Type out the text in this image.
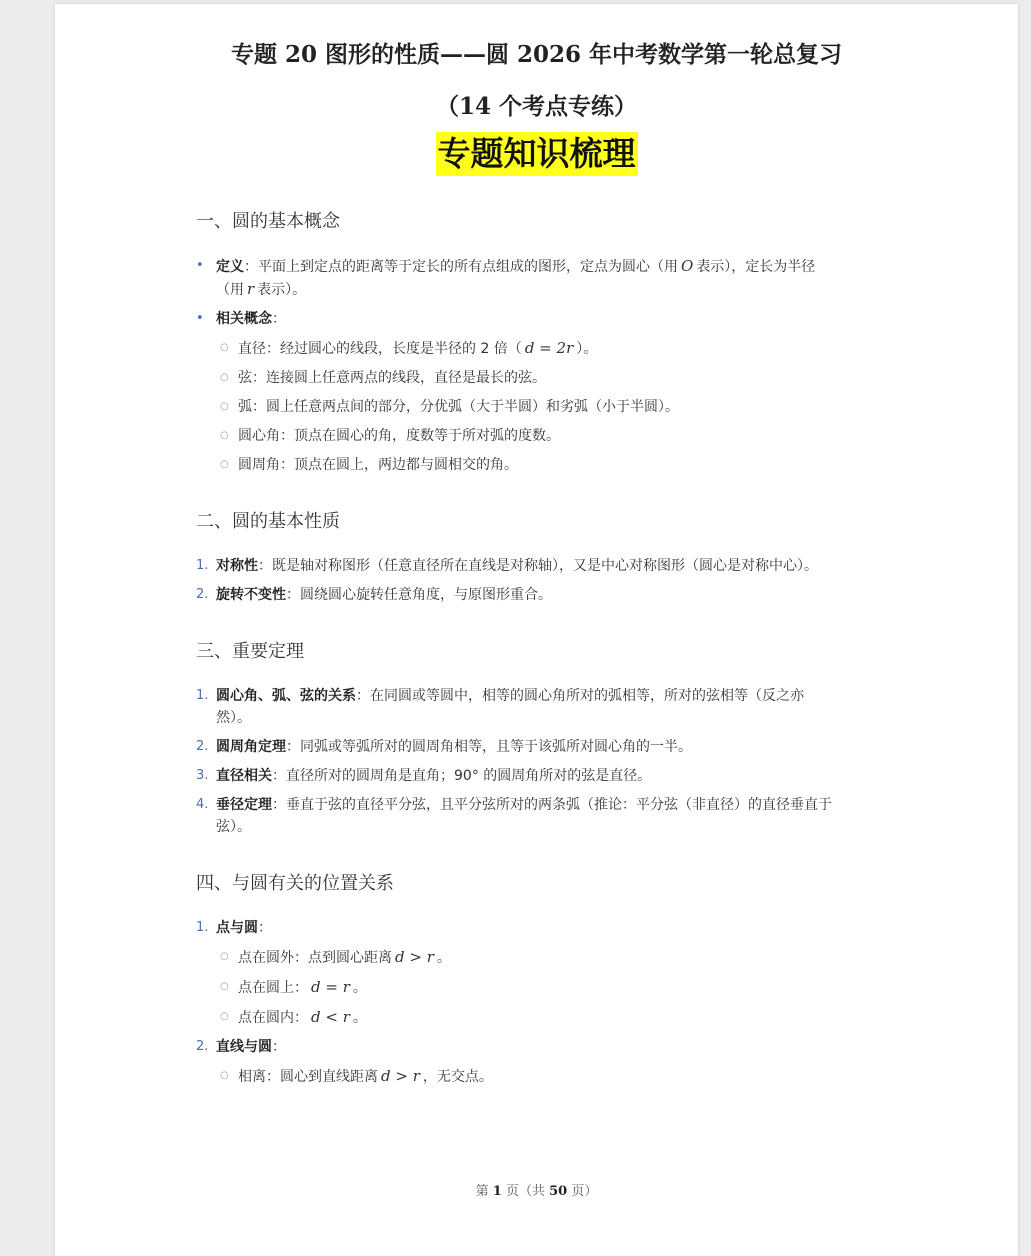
专题 20 图形的性质——圆 2026 年中考数学第一轮总复习
（14 个考点专练）
专题知识梳理
一、圆的基本概念
• 定义：平面上到定点的距离等于定长的所有点组成的图形，定点为圆心（用 O 表示），定长为半径（用 r 表示）。
• 相关概念：
○ 直径：经过圆心的线段，长度是半径的 2 倍（ d = 2r ）。
○ 弦：连接圆上任意两点的线段，直径是最长的弦。
○ 弧：圆上任意两点间的部分，分优弧（大于半圆）和劣弧（小于半圆）。
○ 圆心角：顶点在圆心的角，度数等于所对弧的度数。
○ 圆周角：顶点在圆上，两边都与圆相交的角。
二、圆的基本性质
1. 对称性：既是轴对称图形（任意直径所在直线是对称轴），又是中心对称图形（圆心是对称中心）。
2. 旋转不变性：圆绕圆心旋转任意角度，与原图形重合。
三、重要定理
1. 圆心角、弧、弦的关系：在同圆或等圆中，相等的圆心角所对的弧相等，所对的弦相等（反之亦然）。
2. 圆周角定理：同弧或等弧所对的圆周角相等，且等于该弧所对圆心角的一半。
3. 直径相关：直径所对的圆周角是直角；90° 的圆周角所对的弦是直径。
4. 垂径定理：垂直于弦的直径平分弦，且平分弦所对的两条弧（推论：平分弦（非直径）的直径垂直于弦）。
四、与圆有关的位置关系
1. 点与圆：
○ 点在圆外：点到圆心距离 d > r 。
○ 点在圆上： d = r 。
○ 点在圆内： d < r 。
2. 直线与圆：
○ 相离：圆心到直线距离 d > r ，无交点。
第 1 页（共 50 页）
